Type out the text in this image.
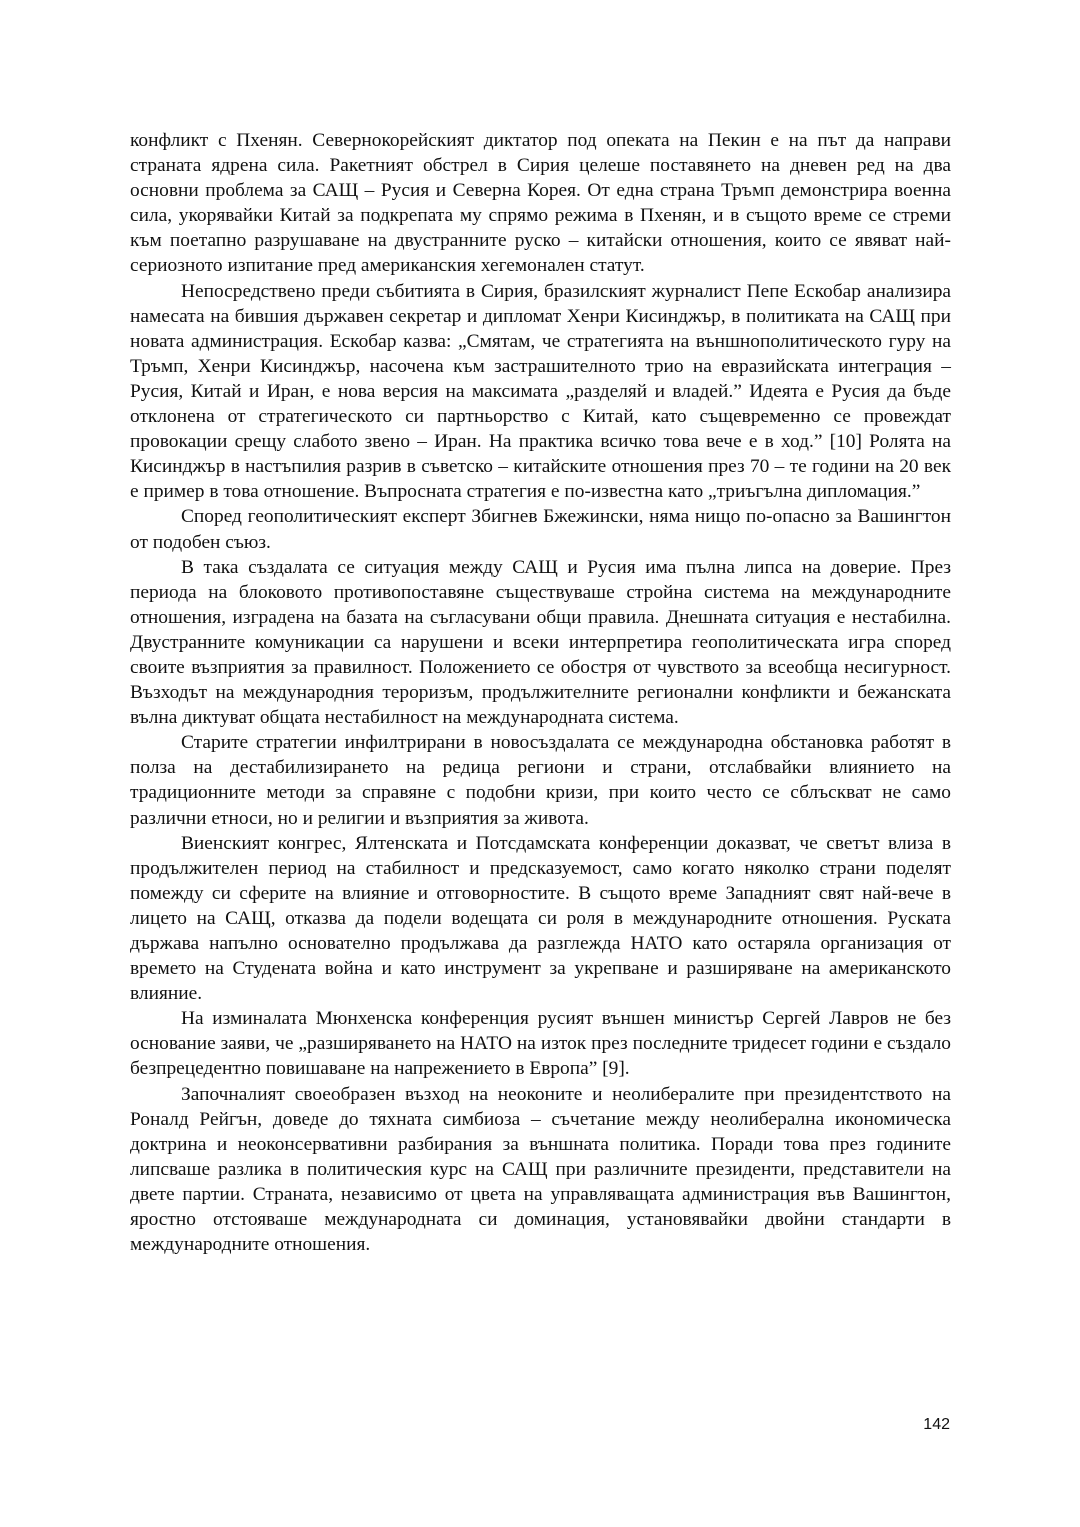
конфликт с Пхенян. Севернокорейският диктатор под опеката на Пекин е на път да направи страната ядрена сила. Ракетният обстрел в Сирия целеше поставянето на дневен ред на два основни проблема за САЩ – Русия и Северна Корея. От една страна Тръмп демонстрира военна сила, укорявайки Китай за подкрепата му спрямо режима в Пхенян, и в същото време се стреми към поетапно разрушаване на двустранните руско – китайски отношения, които се явяват най-сериозното изпитание пред американския хегемонален статут.

Непосредствено преди събитията в Сирия, бразилският журналист Пепе Ескобар анализира намесата на бившия държавен секретар и дипломат Хенри Кисинджър, в политиката на САЩ при новата администрация. Ескобар казва: „Смятам, че стратегията на външнополитическото гуру на Тръмп, Хенри Кисинджър, насочена към застрашителното трио на евразийската интеграция – Русия, Китай и Иран, е нова версия на максимата „разделяй и владей.” Идеята е Русия да бъде отклонена от стратегическото си партньорство с Китай, като същевременно се провеждат провокации срещу слабото звено – Иран. На практика всичко това вече е в ход.” [10] Ролята на Кисинджър в настъпилия разрив в съветско – китайските отношения през 70 – те години на 20 век е пример в това отношение. Въпросната стратегия е по-известна като „триъгълна дипломация.”

Според геополитическият експерт Збигнев Бжежински, няма нищо по-опасно за Вашингтон от подобен съюз.

В така създалата се ситуация между САЩ и Русия има пълна липса на доверие. През периода на блоковото противопоставяне съществуваше стройна система на международните отношения, изградена на базата на съгласувани общи правила. Днешната ситуация е нестабилна. Двустранните комуникации са нарушени и всеки интерпретира геополитическата игра според своите възприятия за правилност. Положението се обостря от чувството за всеобща несигурност. Възходът на международния тероризъм, продължителните регионални конфликти и бежанската вълна диктуват общата нестабилност на международната система.

Старите стратегии инфилтрирани в новосъздалата се международна обстановка работят в полза на дестабилизирането на редица региони и страни, отслабвайки влиянието на традиционните методи за справяне с подобни кризи, при които често се сблъскват не само различни етноси, но и религии и възприятия за живота.

Виенският конгрес, Ялтенската и Потсдамската конференции доказват, че светът влиза в продължителен период на стабилност и предсказуемост, само когато няколко страни поделят помежду си сферите на влияние и отговорностите. В същото време Западният свят най-вече в лицето на САЩ, отказва да подели водещата си роля в международните отношения. Руската държава напълно основателно продължава да разглежда НАТО като остаряла организация от времето на Студената война и като инструмент за укрепване и разширяване на американското влияние.

На изминалата Мюнхенска конференция русият външен министър Сергей Лавров не без основание заяви, че „разширяването на НАТО на изток през последните тридесет години е създало безпрецедентно повишаване на напрежението в Европа” [9].

Започналият своеобразен възход на неоконите и неолибералите при президентството на Роналд Рейгън, доведе до тяхната симбиоза – съчетание между неолиберална икономическа доктрина и неоконсервативни разбирания за външната политика. Поради това през годините липсваше разлика в политическия курс на САЩ при различните президенти, представители на двете партии. Страната, независимо от цвета на управляващата администрация във Вашингтон, яростно отстояваше международната си доминация, установявайки двойни стандарти в международните отношения.

142
